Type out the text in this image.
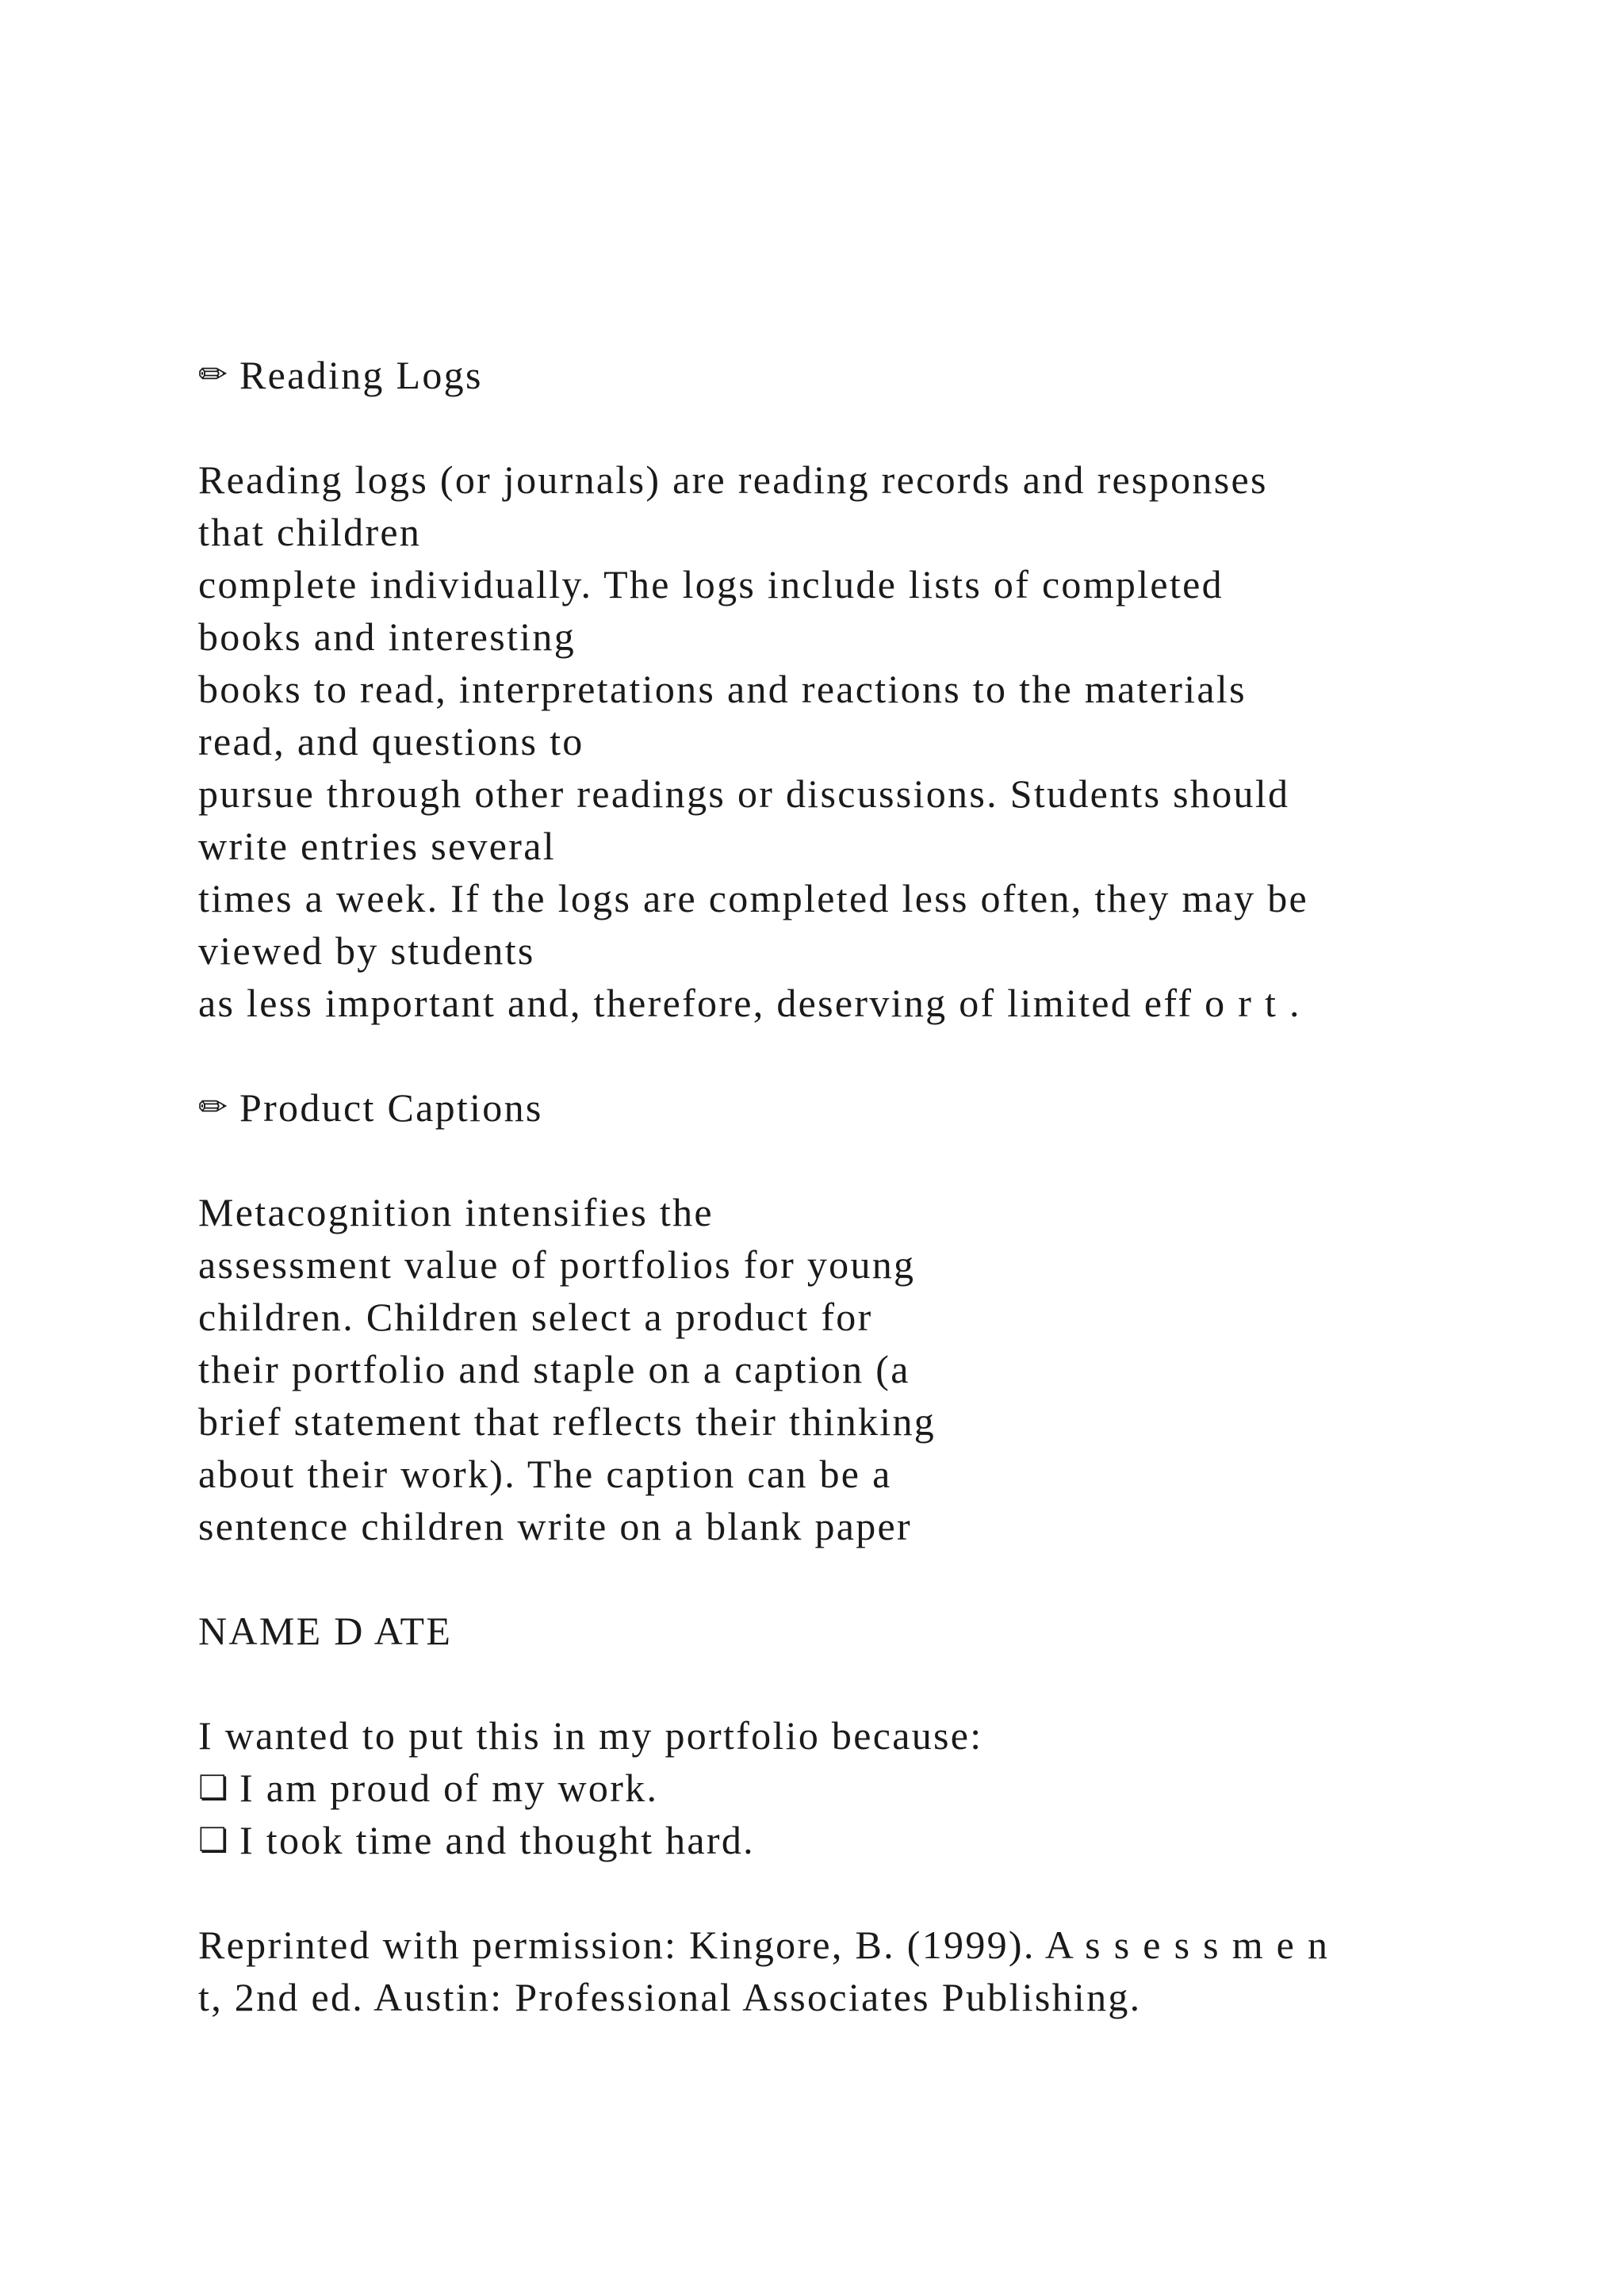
✏ Reading Logs
Reading logs (or journals) are reading records and responses
that children
complete individually. The logs include lists of completed
books and interesting
books to read, interpretations and reactions to the materials
read, and questions to
pursue through other readings or discussions. Students should
write entries several
times a week. If the logs are completed less often, they may be
viewed by students
as less important and, therefore, deserving of limited eff o r t .
✏ Product Captions
Metacognition intensifies the
assessment value of portfolios for young
children. Children select a product for
their portfolio and staple on a caption (a
brief statement that reflects their thinking
about their work). The caption can be a
sentence children write on a blank paper
NAME D ATE
I wanted to put this in my portfolio because:
❏ I am proud of my work.
❏ I took time and thought hard.
Reprinted with permission: Kingore, B. (1999). A s s e s s m e n
t, 2nd ed. Austin: Professional Associates Publishing.
